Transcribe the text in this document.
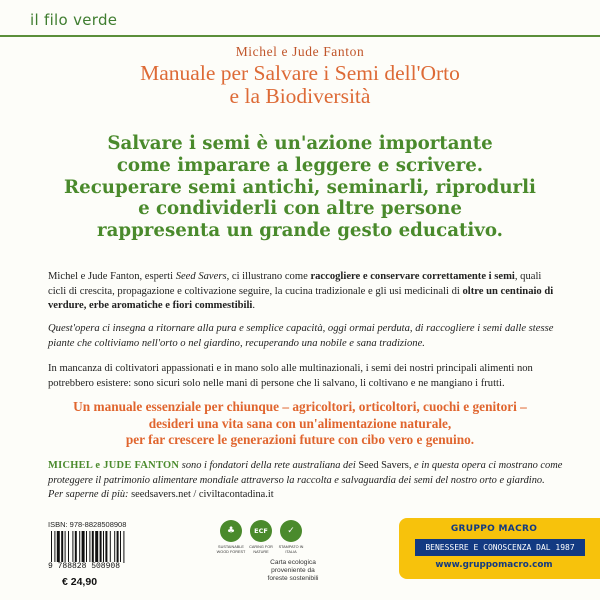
il filo verde
Michel e Jude Fanton
Manuale per Salvare i Semi dell'Orto
e la Biodiversità
Salvare i semi è un'azione importante
come imparare a leggere e scrivere.
Recuperare semi antichi, seminarli, riprodurli
e condividerli con altre persone
rappresenta un grande gesto educativo.

Michel e Jude Fanton, esperti Seed Savers, ci illustrano come raccogliere e conservare correttamente i semi, quali cicli di crescita, propagazione e coltivazione seguire, la cucina tradizionale e gli usi medicinali di oltre un centinaio di verdure, erbe aromatiche e fiori commestibili.

Quest'opera ci insegna a ritornare alla pura e semplice capacità, oggi ormai perduta, di raccogliere i semi dalle stesse piante che coltiviamo nell'orto o nel giardino, recuperando una nobile e sana tradizione.

In mancanza di coltivatori appassionati e in mano solo alle multinazionali, i semi dei nostri principali alimenti non potrebbero esistere: sono sicuri solo nelle mani di persone che li salvano, li coltivano e ne mangiano i frutti.

Un manuale essenziale per chiunque – agricoltori, orticoltori, cuochi e genitori –
desideri una vita sana con un'alimentazione naturale,
per far crescere le generazioni future con cibo vero e genuino.
MICHEL e JUDE FANTON sono i fondatori della rete australiana dei Seed Savers, e in questa opera ci mostrano come proteggere il patrimonio alimentare mondiale attraverso la raccolta e salvaguardia dei semi del nostro orto e giardino.
Per saperne di più: seedsavers.net / civiltacontadina.it
ISBN: 978-8828508908
9 788828 508908
€ 24,90
♣
SUSTAINABLE WOOD FOREST
ECF
CARING FOR NATURE
✓
STAMPATO IN ITALIA
Carta ecologica
proveniente da
foreste sostenibili
GRUPPO MACRO
BENESSERE E CONOSCENZA DAL 1987
www.gruppomacro.com
